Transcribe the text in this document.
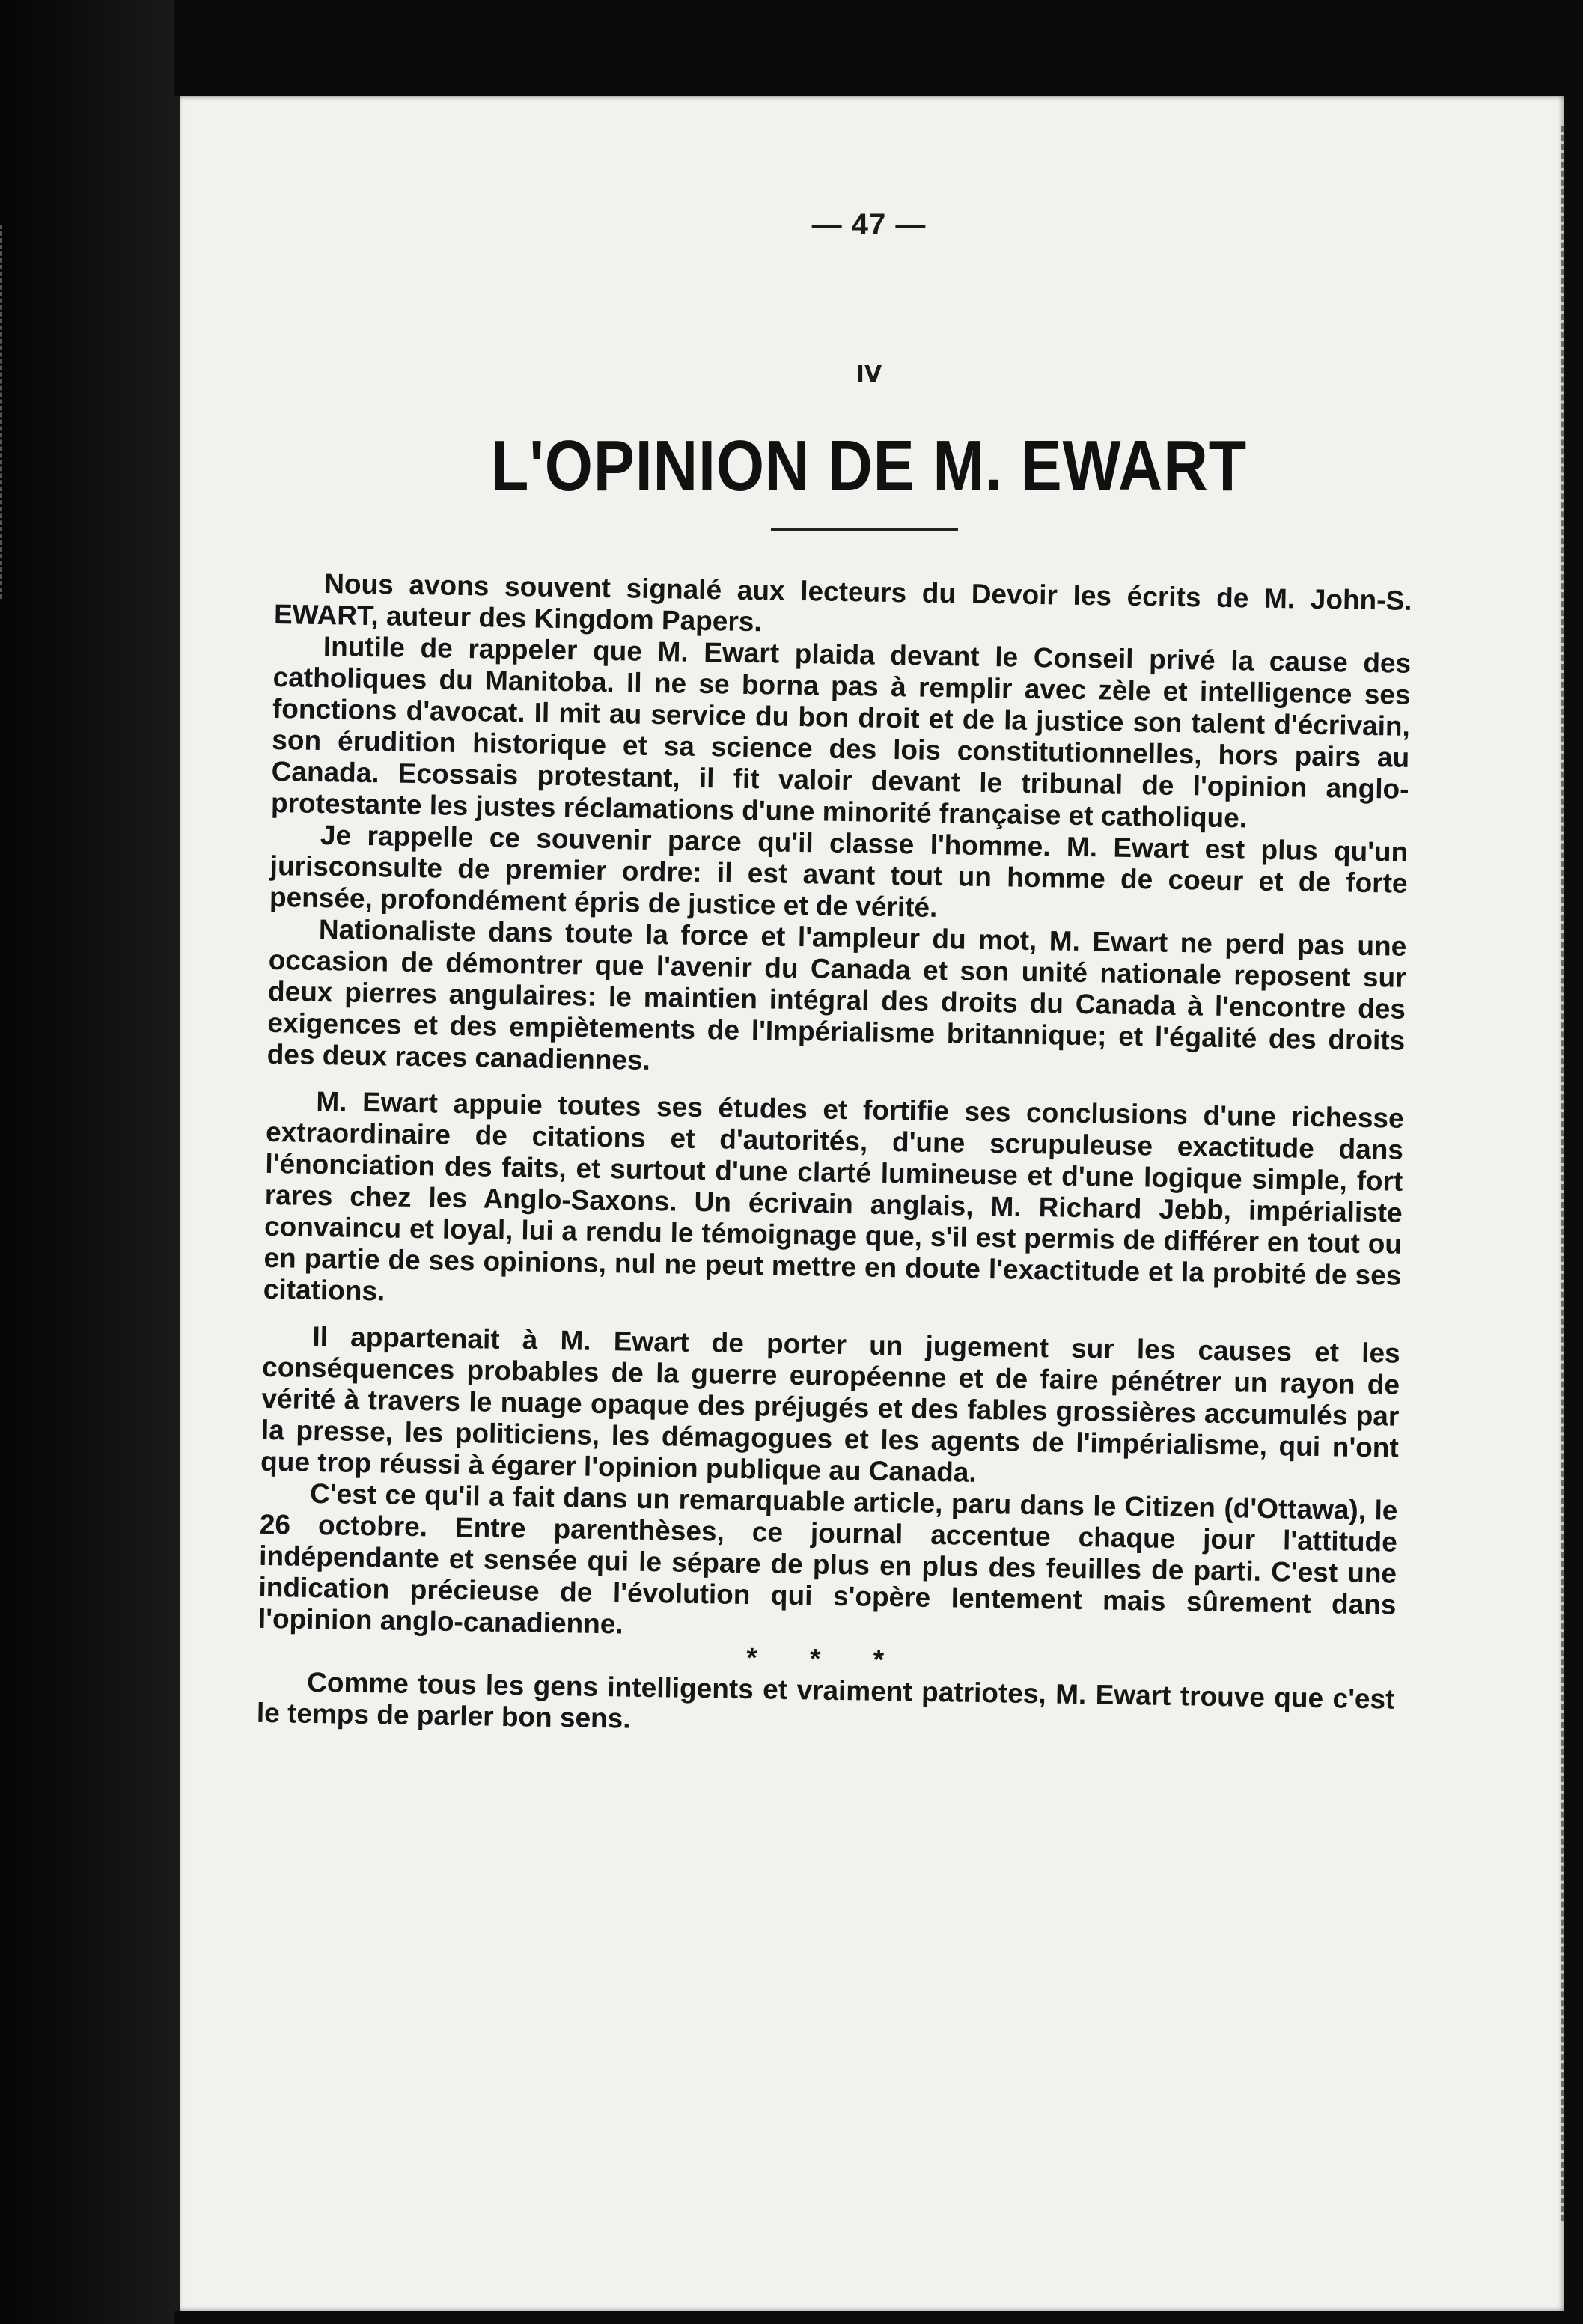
— 47 —
IV
L'OPINION DE M. EWART

Nous avons souvent signalé aux lecteurs du Devoir les écrits de M. John-S. EWART, auteur des Kingdom Papers.

Inutile de rappeler que M. Ewart plaida devant le Conseil privé la cause des catholiques du Manitoba. Il ne se borna pas à remplir avec zèle et intelligence ses fonctions d'avocat. Il mit au service du bon droit et de la justice son talent d'écrivain, son érudition historique et sa science des lois constitutionnelles, hors pairs au Canada. Ecossais protestant, il fit valoir devant le tribunal de l'opinion anglo-protestante les justes réclamations d'une minorité française et catholique.

Je rappelle ce souvenir parce qu'il classe l'homme. M. Ewart est plus qu'un jurisconsulte de premier ordre: il est avant tout un homme de coeur et de forte pensée, profondément épris de justice et de vérité.

Nationaliste dans toute la force et l'ampleur du mot, M. Ewart ne perd pas une occasion de démontrer que l'avenir du Canada et son unité nationale reposent sur deux pierres angulaires: le maintien intégral des droits du Canada à l'encontre des exigences et des empiètements de l'Impérialisme britannique; et l'égalité des droits des deux races canadiennes.

M. Ewart appuie toutes ses études et fortifie ses conclusions d'une richesse extraordinaire de citations et d'autorités, d'une scrupuleuse exactitude dans l'énonciation des faits, et surtout d'une clarté lumineuse et d'une logique simple, fort rares chez les Anglo-Saxons. Un écrivain anglais, M. Richard Jebb, impérialiste convaincu et loyal, lui a rendu le témoignage que, s'il est permis de différer en tout ou en partie de ses opinions, nul ne peut mettre en doute l'exactitude et la probité de ses citations.

Il appartenait à M. Ewart de porter un jugement sur les causes et les conséquences probables de la guerre européenne et de faire pénétrer un rayon de vérité à travers le nuage opaque des préjugés et des fables grossières accumulés par la presse, les politiciens, les démagogues et les agents de l'impérialisme, qui n'ont que trop réussi à égarer l'opinion publique au Canada.

C'est ce qu'il a fait dans un remarquable article, paru dans le Citizen (d'Ottawa), le 26 octobre. Entre parenthèses, ce journal accentue chaque jour l'attitude indépendante et sensée qui le sépare de plus en plus des feuilles de parti. C'est une indication précieuse de l'évolution qui s'opère lentement mais sûrement dans l'opinion anglo-canadienne.

* * *

Comme tous les gens intelligents et vraiment patriotes, M. Ewart trouve que c'est le temps de parler bon sens.
